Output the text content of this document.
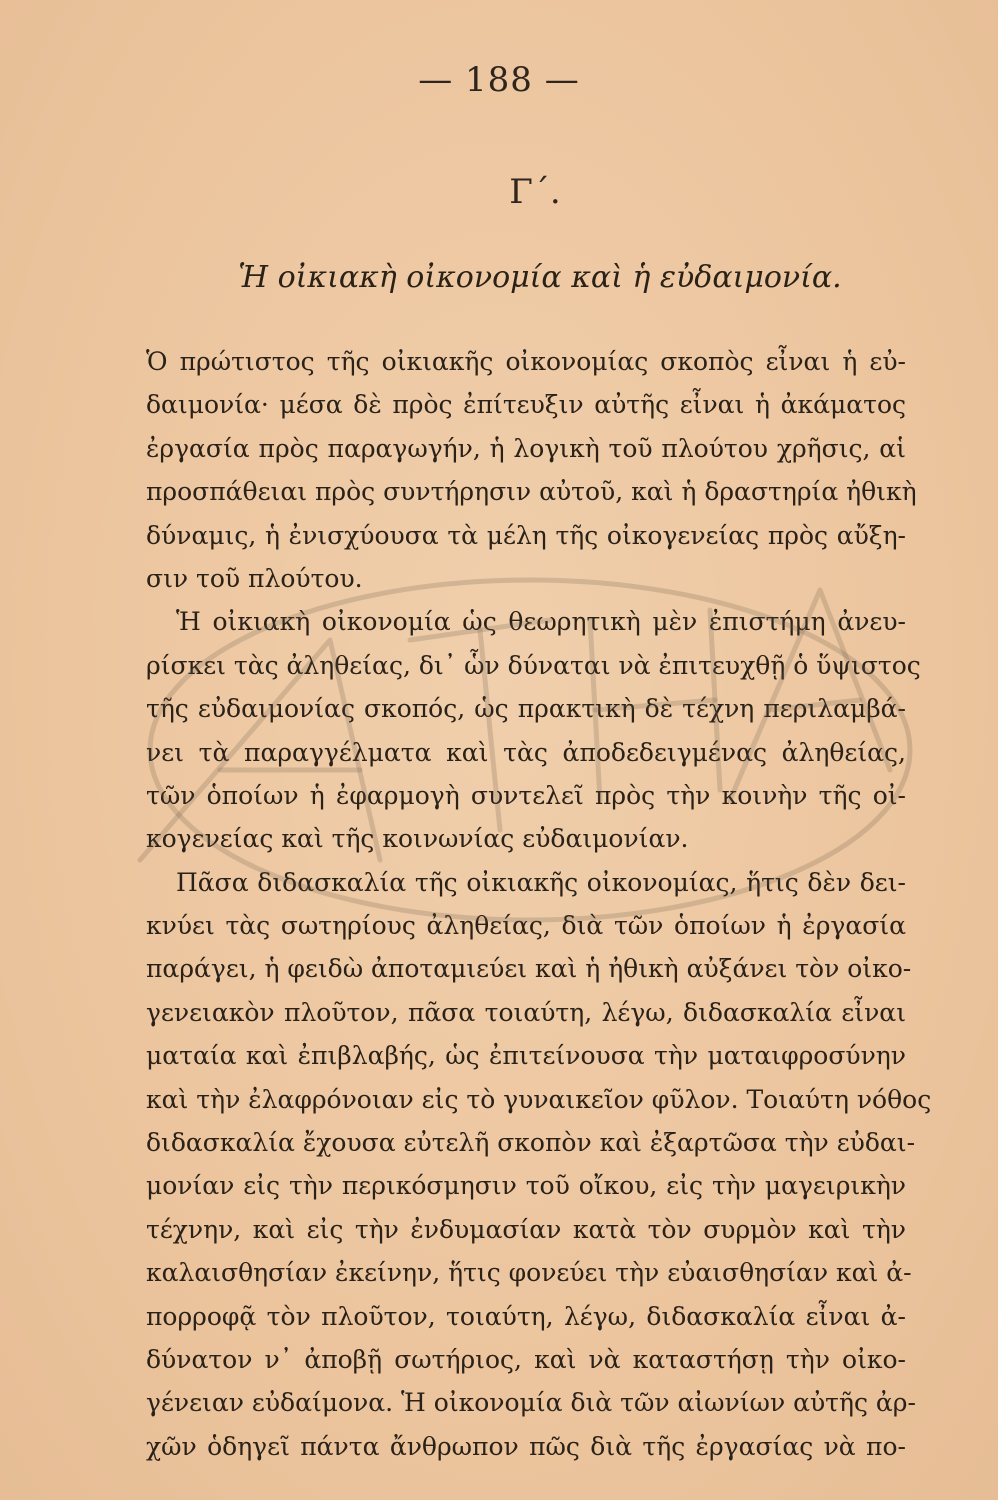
— 188 —
Γ΄.
Ἡ οἰκιακὴ οἰκονομία καὶ ἡ εὐδαιμονία.
Ὁ πρώτιστος τῆς οἰκιακῆς οἰκονομίας σκοπὸς εἶναι ἡ εὐ-
δαιμονία· μέσα δὲ πρὸς ἐπίτευξιν αὐτῆς εἶναι ἡ ἀκάματος
ἐργασία πρὸς παραγωγήν, ἡ λογικὴ τοῦ πλούτου χρῆσις, αἱ
προσπάθειαι πρὸς συντήρησιν αὐτοῦ, καὶ ἡ δραστηρία ἠθικὴ
δύναμις, ἡ ἐνισχύουσα τὰ μέλη τῆς οἰκογενείας πρὸς αὔξη-
σιν τοῦ πλούτου.
Ἡ οἰκιακὴ οἰκονομία ὡς θεωρητικὴ μὲν ἐπιστήμη ἀνευ-
ρίσκει τὰς ἀληθείας, δι᾽ ὧν δύναται νὰ ἐπιτευχθῇ ὁ ὕψιστος
τῆς εὐδαιμονίας σκοπός, ὡς πρακτικὴ δὲ τέχνη περιλαμβά-
νει τὰ παραγγέλματα καὶ τὰς ἀποδεδειγμένας ἀληθείας,
τῶν ὁποίων ἡ ἐφαρμογὴ συντελεῖ πρὸς τὴν κοινὴν τῆς οἰ-
κογενείας καὶ τῆς κοινωνίας εὐδαιμονίαν.
Πᾶσα διδασκαλία τῆς οἰκιακῆς οἰκονομίας, ἥτις δὲν δει-
κνύει τὰς σωτηρίους ἀληθείας, διὰ τῶν ὁποίων ἡ ἐργασία
παράγει, ἡ φειδὼ ἀποταμιεύει καὶ ἡ ἠθικὴ αὐξάνει τὸν οἰκο-
γενειακὸν πλοῦτον, πᾶσα τοιαύτη, λέγω, διδασκαλία εἶναι
ματαία καὶ ἐπιβλαβής, ὡς ἐπιτείνουσα τὴν ματαιφροσύνην
καὶ τὴν ἐλαφρόνοιαν εἰς τὸ γυναικεῖον φῦλον. Τοιαύτη νόθος
διδασκαλία ἔχουσα εὐτελῆ σκοπὸν καὶ ἐξαρτῶσα τὴν εὐδαι-
μονίαν εἰς τὴν περικόσμησιν τοῦ οἴκου, εἰς τὴν μαγειρικὴν
τέχνην, καὶ εἰς τὴν ἐνδυμασίαν κατὰ τὸν συρμὸν καὶ τὴν
καλαισθησίαν ἐκείνην, ἥτις φονεύει τὴν εὐαισθησίαν καὶ ἀ-
πορροφᾷ τὸν πλοῦτον, τοιαύτη, λέγω, διδασκαλία εἶναι ἀ-
δύνατον ν᾽ ἀποβῇ σωτήριος, καὶ νὰ καταστήσῃ τὴν οἰκο-
γένειαν εὐδαίμονα. Ἡ οἰκονομία διὰ τῶν αἰωνίων αὐτῆς ἀρ-
χῶν ὁδηγεῖ πάντα ἄνθρωπον πῶς διὰ τῆς ἐργασίας νὰ πο-
